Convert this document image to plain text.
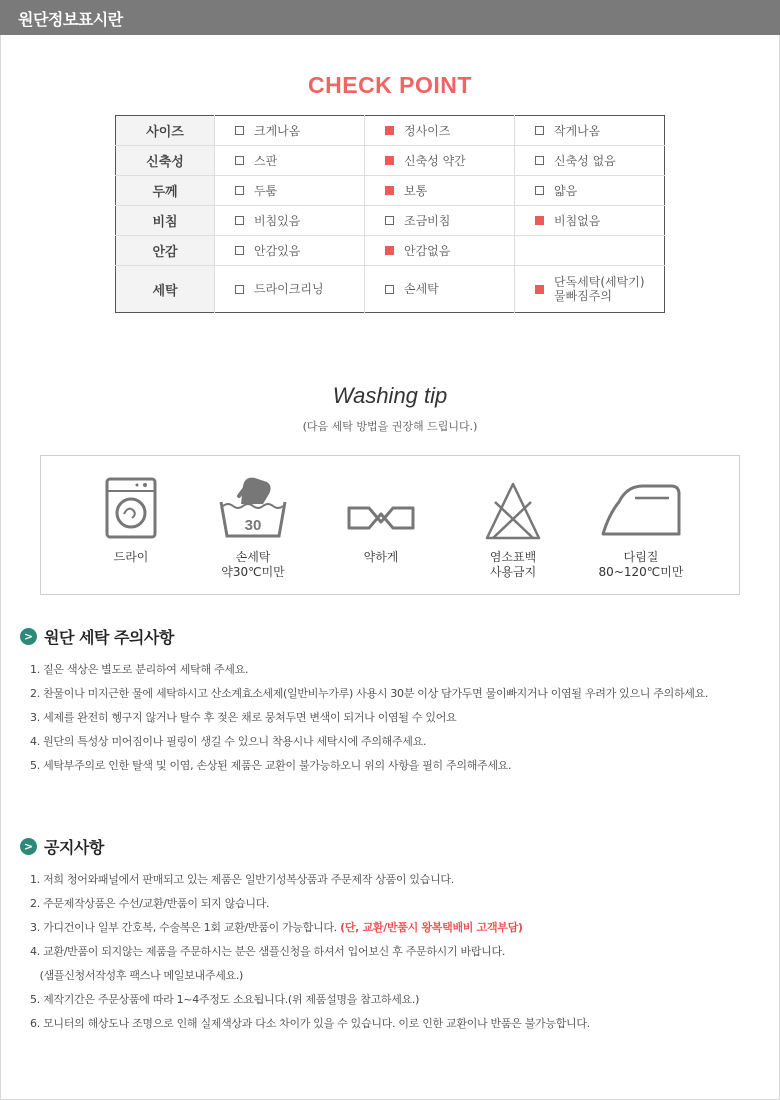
원단정보표시란
CHECK POINT
사이즈	크게나옴	정사이즈	작게나옴

신축성	스판	신축성 약간	신축성 없음

두께	두툼	보통	얇음

비침	비침있음	조금비침	비침없음

안감	안감있음	안감없음	

세탁	드라이크리닝	손세탁	단독세탁(세탁기)
물빠짐주의
Washing tip
(다음 세탁 방법을 권장해 드립니다.)
드라이
30
손세탁
약30℃미만
약하게	염소표백
사용금지
다림질
80~120℃미만
> 원단 세탁 주의사항
1. 짙은 색상은 별도로 분리하여 세탁해 주세요.
2. 찬물이나 미지근한 물에 세탁하시고 산소계효소세제(일반비누가루) 사용시 30분 이상 담가두면 물이빠지거나 이염될 우려가 있으니 주의하세요.
3. 세제를 완전히 헹구지 않거나 탈수 후 젖은 채로 뭉쳐두면 변색이 되거나 이염될 수 있어요
4. 원단의 특성상 미어짐이나 필링이 생길 수 있으니 착용시나 세탁시에 주의해주세요.
5. 세탁부주의로 인한 탈색 및 이염, 손상된 제품은 교환이 불가능하오니 위의 사항을 필히 주의해주세요.
> 공지사항
1. 저희 청어와패널에서 판매되고 있는 제품은 일반기성복상품과 주문제작 상품이 있습니다.
2. 주문제작상품은 수선/교환/반품이 되지 않습니다.
3. 가디건이나 일부 간호복, 수술복은 1회 교환/반품이 가능합니다. (단, 교환/반품시 왕복택배비 고객부담)
4. 교환/반품이 되지않는 제품을 주문하시는 분은 샘플신청을 하셔서 입어보신 후 주문하시기 바랍니다.
(샘플신청서작성후 팩스나 메일보내주세요.)
5. 제작기간은 주문상품에 따라 1~4주정도 소요됩니다.(위 제품설명을 참고하세요.)
6. 모니터의 해상도나 조명으로 인해 실제색상과 다소 차이가 있을 수 있습니다. 이로 인한 교환이나 반품은 불가능합니다.
